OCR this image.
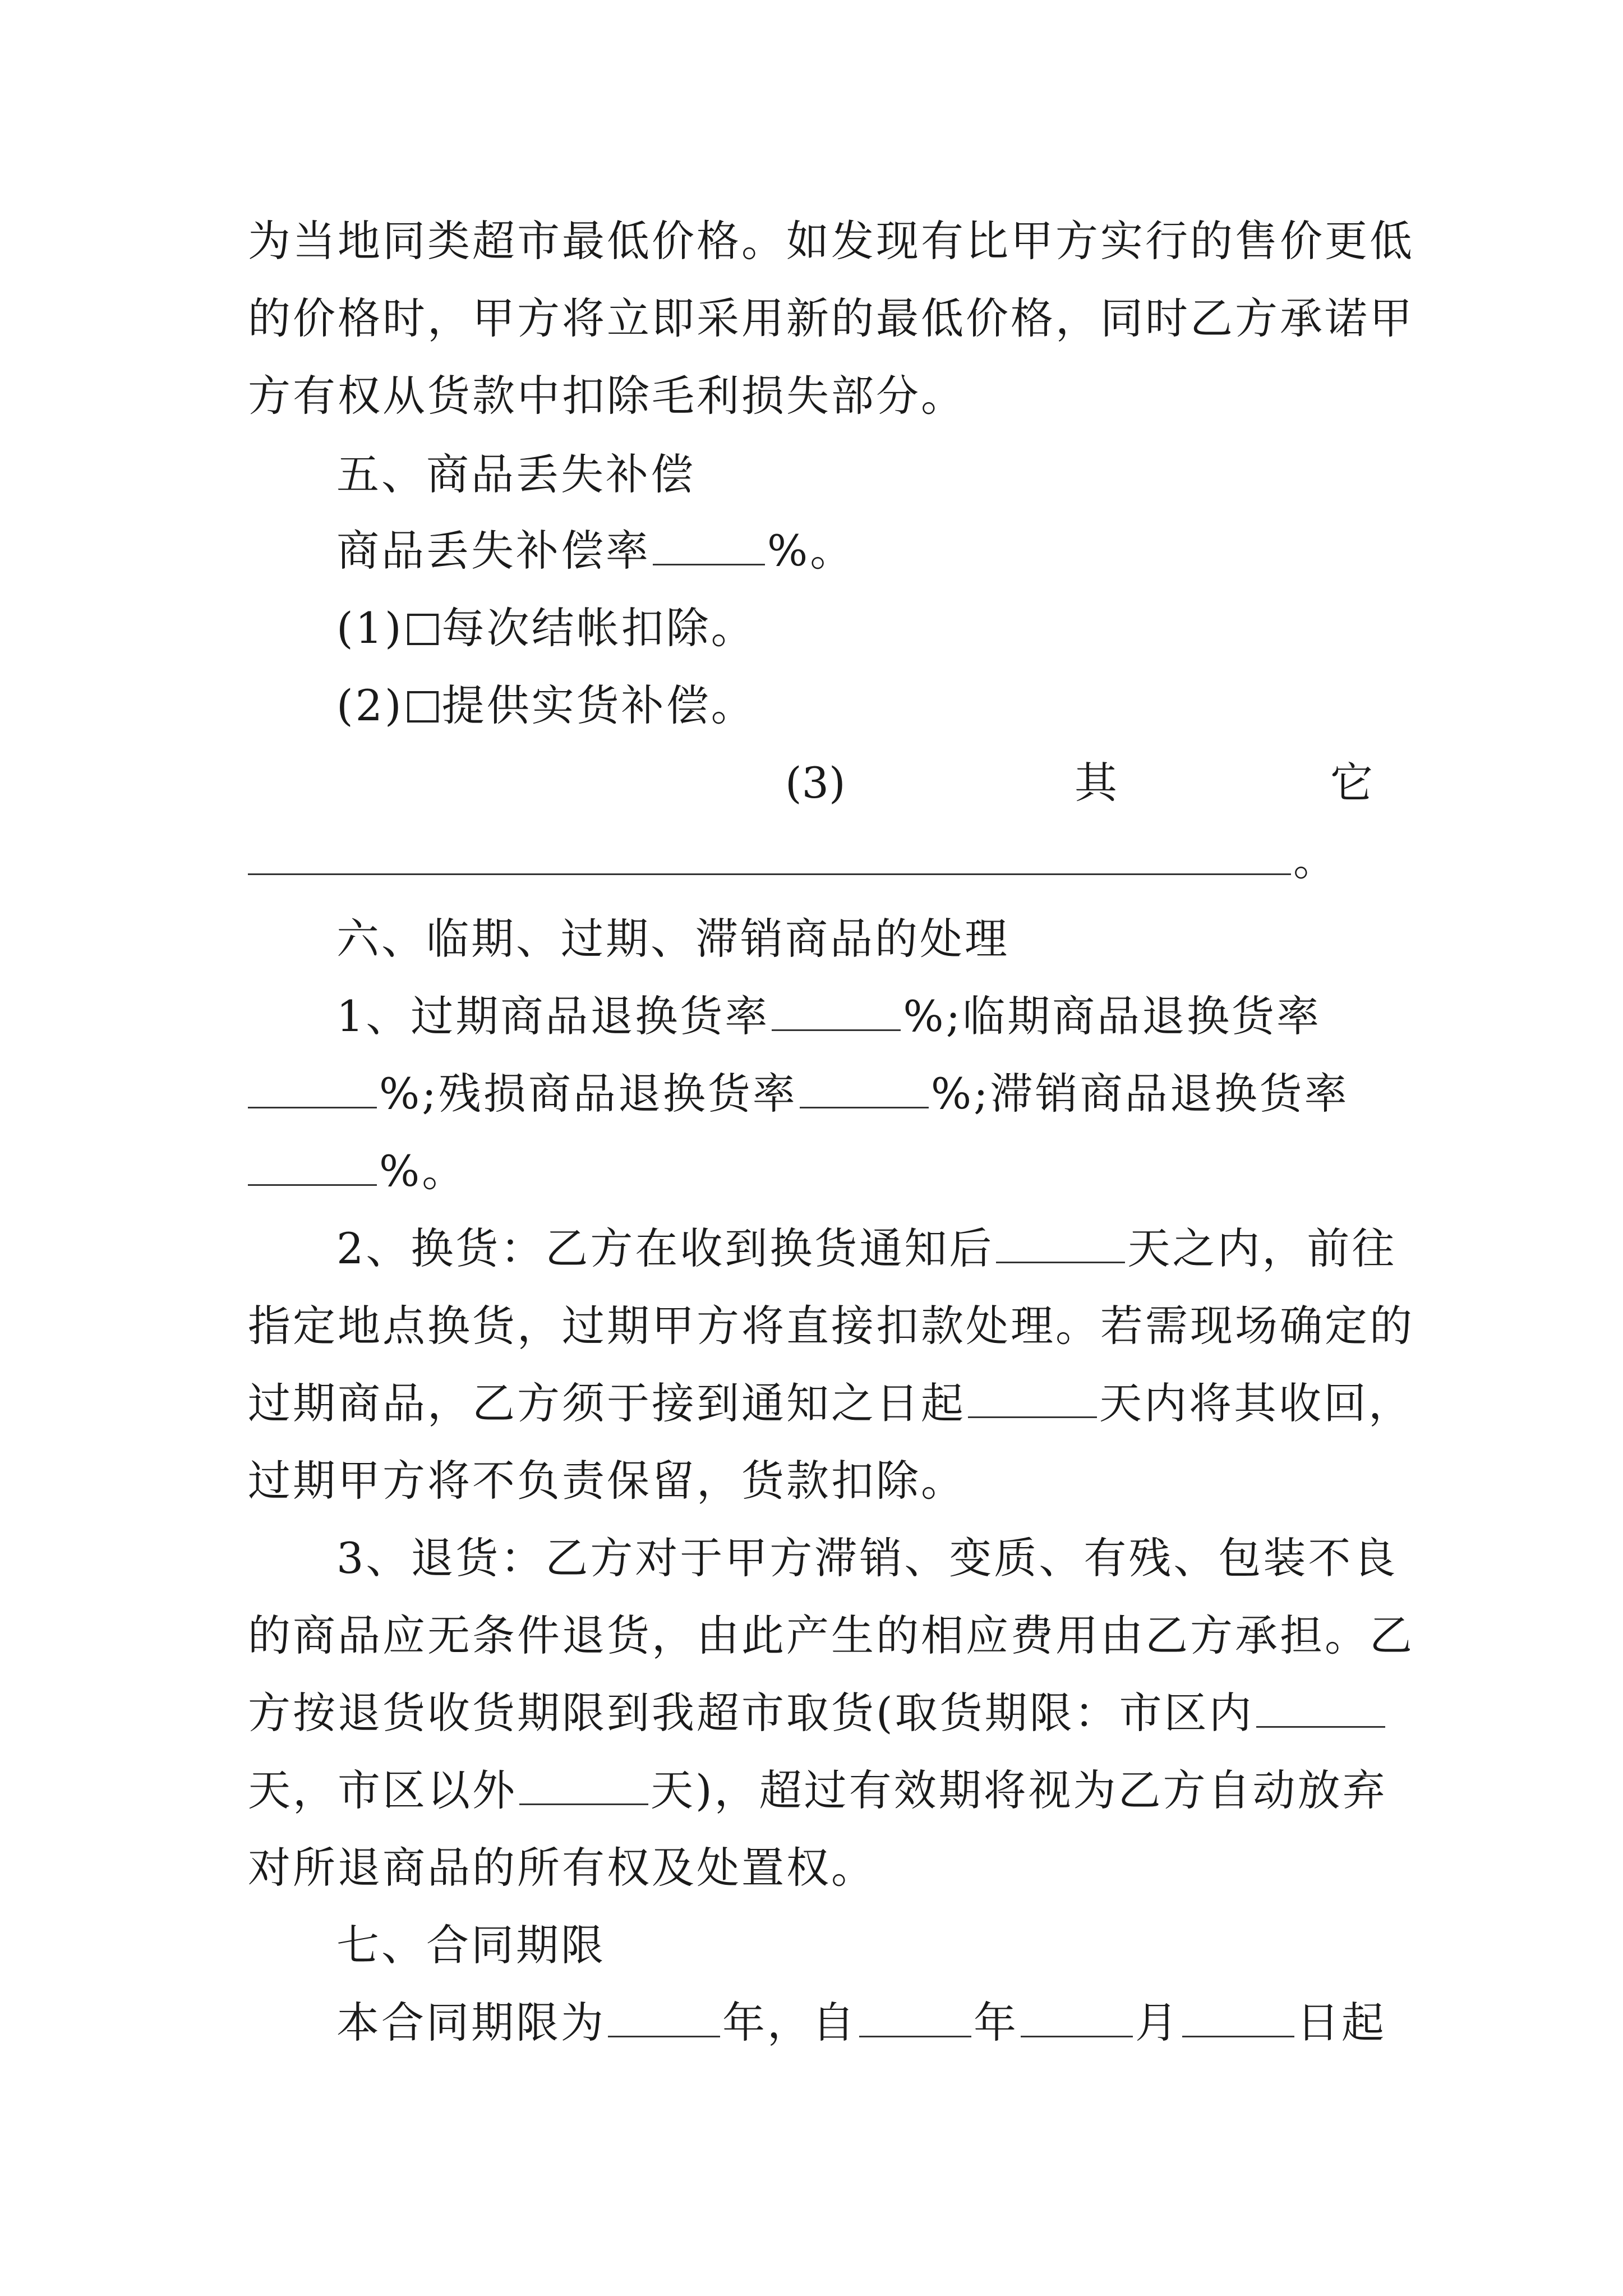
为当地同类超市最低价格。如发现有比甲方实行的售价更低
的价格时，甲方将立即采用新的最低价格，同时乙方承诺甲
方有权从货款中扣除毛利损失部分。
五、商品丢失补偿
商品丢失补偿率	%。
(1) 每次结帐扣除。
(2) 提供实货补偿。
(3)	其	它
。
六、临期、过期、滞销商品的处理
1、过期商品退换货率	%;临期商品退换货率
%;残损商品退换货率	%;滞销商品退换货率
%。
2、换货：乙方在收到换货通知后	天之内，前往
指定地点换货，过期甲方将直接扣款处理。若需现场确定的
过期商品，乙方须于接到通知之日起	天内将其收回，
过期甲方将不负责保留，货款扣除。
3、退货：乙方对于甲方滞销、变质、有残、包装不良
的商品应无条件退货，由此产生的相应费用由乙方承担。乙
方按退货收货期限到我超市取货(取货期限：市区内
天，市区以外	天)，超过有效期将视为乙方自动放弃
对所退商品的所有权及处置权。
七、合同期限
本合同期限为	年，自	年	月	日起
